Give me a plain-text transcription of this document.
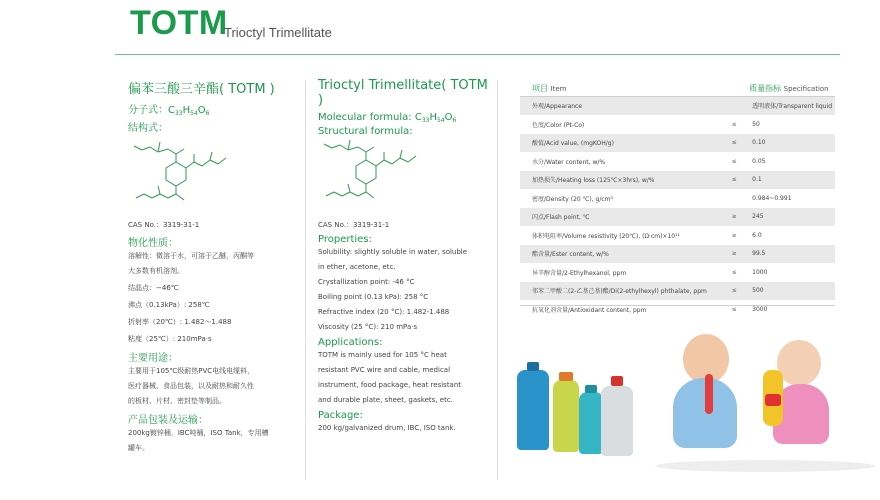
TOTM
Trioctyl Trimellitate
偏苯三酸三辛酯( TOTM )
分子式：$C_{33}H_{54}O_6$
结构式：
CAS No.：3319-31-1
物化性质：
溶解性：微溶于水，可溶于乙醚，丙酮等
大多数有机溶剂。
结晶点：−46℃
沸点（0.13kPa）: 258℃
折射率（20℃）: 1.482～1.488
粘度（25℃）: 210mPa·s
主要用途：
主要用于105℃级耐热PVC电线电缆料，
医疗器械、食品包装，以及耐热和耐久性
的板材、片材、密封垫等制品。
产品包装及运输：
200kg镀锌桶，IBC吨桶，ISO Tank，专用槽
罐车。
Trioctyl Trimellitate( TOTM )
Molecular formula: $C_{33}H_{54}O_6$
Structural formula:
CAS No.：3319-31-1
Properties:
Solubility: slightly soluble in water, soluble
in ether, acetone, etc.
Crystallization point: -46 °C
Boiling point (0.13 kPa): 258 °C
Refractive index (20 °C): 1.482-1.488
Viscosity (25 °C): 210 mPa·s
Applications:
TOTM is mainly used for 105 °C heat
resistant PVC wire and cable, medical
instrument, food package, heat resistant
and durable plate, sheet, gaskets, etc.
Package:
200 kg/galvanized drum, IBC, ISO tank.
项目 Item		质量指标 Specification
外观/Appearance		透明液体/Transparent liquid
色度/Color (Pt-Co)	≤	50
酸值/Acid value, (mgKOH/g)	≤	0.10
水分/Water content, w/%	≤	0.05
加热损失/Heating loss (125℃×3hrs), w/%	≤	0.1
密度/Density (20 ℃), g/cm³		0.984~0.991
闪点/Flash point, ℃	≥	245
体积电阻率/Volume resistivity (20℃), (Ω·cm)×10¹¹	≥	6.0
酯含量/Ester content, w/%	≥	99.5
异辛醇含量/2-Ethylhexanol, ppm	≤	1000
邻苯二甲酸二(2-乙基己基)酯/Di(2-ethylhexyl) phthalate, ppm	≤	500
抗氧化剂含量/Antioxidant content, ppm	≤	3000
